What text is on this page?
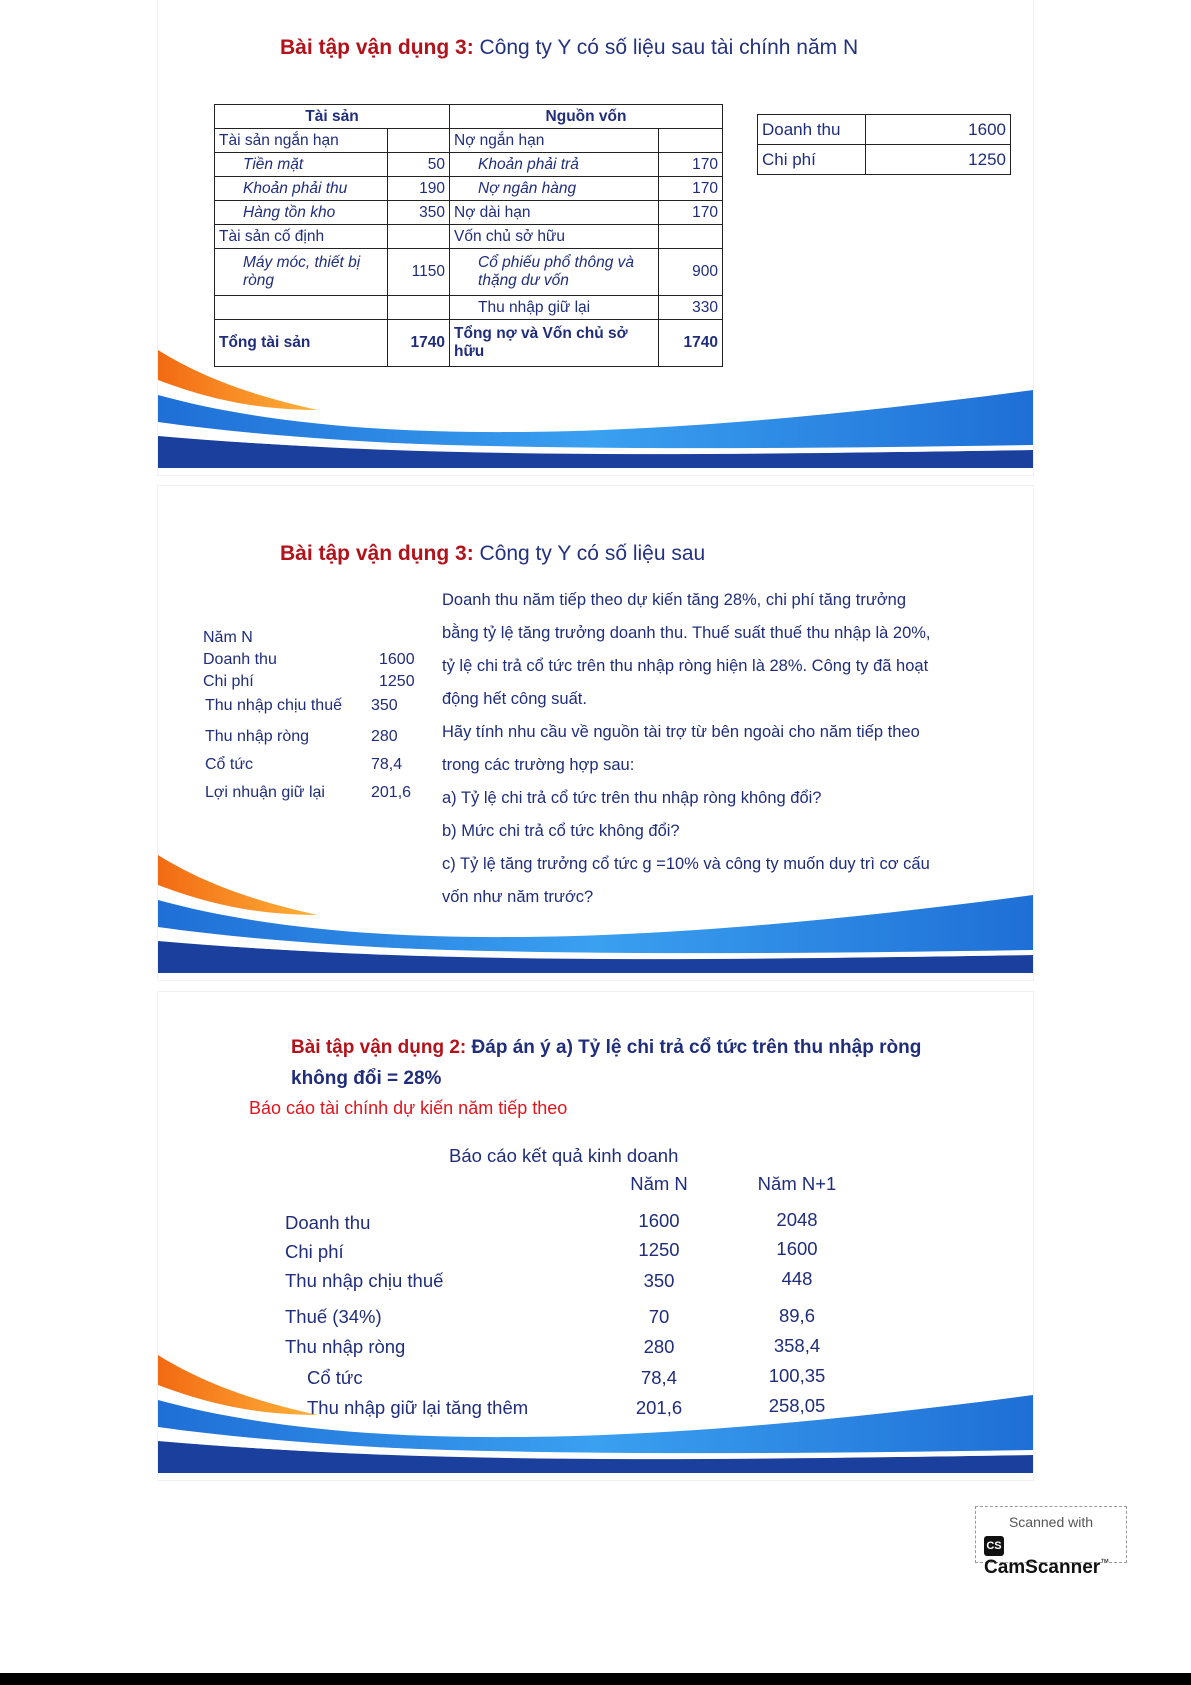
Bài tập vận dụng 3: Công ty Y có số liệu sau tài chính năm N
Tài sản		Nguồn vốn	
Tài sản ngắn hạn		Nợ ngắn hạn	
Tiền mặt	50	Khoản phải trả	170
Khoản phải thu	190	Nợ ngân hàng	170
Hàng tồn kho	350	Nợ dài hạn	170
Tài sản cố định		Vốn chủ sở hữu	
Máy móc, thiết bị ròng	1150	Cổ phiếu phổ thông và thặng dư vốn	900
		Thu nhập giữ lại	330
Tổng tài sản	1740	Tổng nợ và Vốn chủ sở hữu	1740
Doanh thu	1600
Chi phí	1250
Bài tập vận dụng 3: Công ty Y có số liệu sau
Năm N
Doanh thu	1600
Chi phí	1250
Thu nhập chịu thuế 350
Thu nhập ròng	280
Cổ tức	78,4
Lợi nhuận giữ lại	201,6
Doanh thu năm tiếp theo dự kiến tăng 28%, chi phí tăng trưởng
bằng tỷ lệ tăng trưởng doanh thu. Thuế suất thuế thu nhập là 20%,
tỷ lệ chi trả cổ tức trên thu nhập ròng hiện là 28%. Công ty đã hoạt
động hết công suất.
Hãy tính nhu cầu về nguồn tài trợ từ bên ngoài cho năm tiếp theo
trong các trường hợp sau:
a) Tỷ lệ chi trả cổ tức trên thu nhập ròng không đổi?
b) Mức chi trả cổ tức không đổi?
c) Tỷ lệ tăng trưởng cổ tức g =10% và công ty muốn duy trì cơ cấu
vốn như năm trước?
Bài tập vận dụng 2: Đáp án ý a) Tỷ lệ chi trả cổ tức trên thu nhập ròng
không đổi = 28%
Báo cáo tài chính dự kiến năm tiếp theo
Báo cáo kết quả kinh doanh
Năm N	Năm N+1
Doanh thu	1600	2048
Chi phí	1250	1600
Thu nhập chịu thuế	350	448
Thuế (34%)	70	89,6
Thu nhập ròng	280	358,4
Cổ tức	78,4	100,35
Thu nhập giữ lại tăng thêm	201,6	258,05
Scanned with
CSCamScanner™
